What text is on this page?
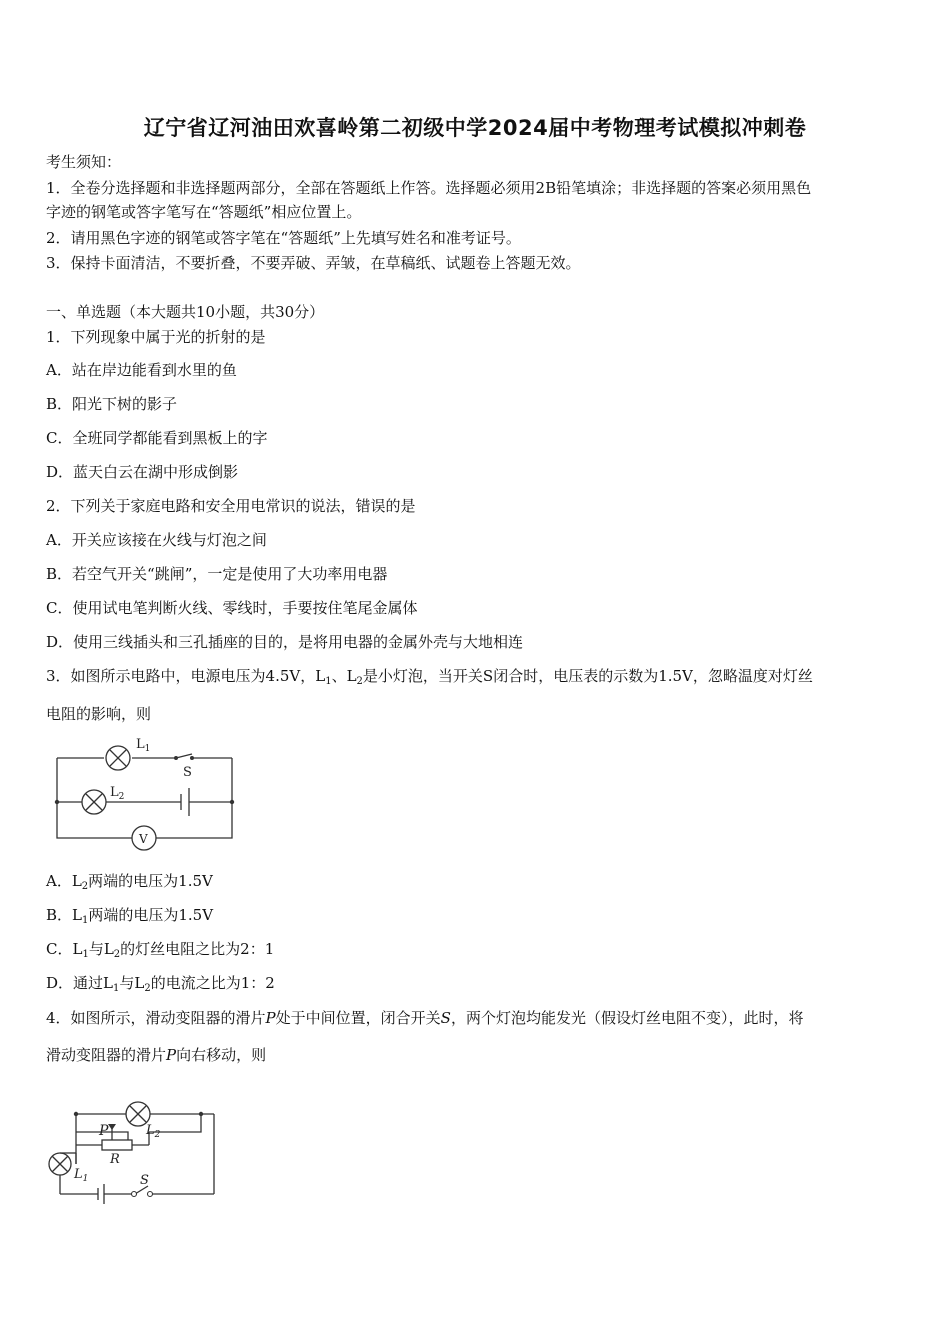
辽宁省辽河油田欢喜岭第二初级中学2024届中考物理考试模拟冲刺卷
考生须知：
1．全卷分选择题和非选择题两部分，全部在答题纸上作答。选择题必须用2B铅笔填涂；非选择题的答案必须用黑色
字迹的钢笔或答字笔写在“答题纸”相应位置上。
2．请用黑色字迹的钢笔或答字笔在“答题纸”上先填写姓名和准考证号。
3．保持卡面清洁，不要折叠，不要弄破、弄皱，在草稿纸、试题卷上答题无效。
一、单选题（本大题共10小题，共30分）
1．下列现象中属于光的折射的是
A．站在岸边能看到水里的鱼
B．阳光下树的影子
C．全班同学都能看到黑板上的字
D．蓝天白云在湖中形成倒影
2．下列关于家庭电路和安全用电常识的说法，错误的是
A．开关应该接在火线与灯泡之间
B．若空气开关“跳闸”，一定是使用了大功率用电器
C．使用试电笔判断火线、零线时，手要按住笔尾金属体
D．使用三线插头和三孔插座的目的，是将用电器的金属外壳与大地相连
3．如图所示电路中，电源电压为4.5V，$L_1$、$L_2$是小灯泡，当开关S闭合时，电压表的示数为1.5V，忽略温度对灯丝
电阻的影响，则
$L_1$
$L_2$
S
V
A．$L_2$两端的电压为1.5V
B．$L_1$两端的电压为1.5V
C．$L_1$与$L_2$的灯丝电阻之比为2：1
D．通过$L_1$与$L_2$的电流之比为1：2
4．如图所示，滑动变阻器的滑片P处于中间位置，闭合开关S，两个灯泡均能发光（假设灯丝电阻不变），此时，将
滑动变阻器的滑片P向右移动，则
$L_2$
$L_1$
P
R
S
